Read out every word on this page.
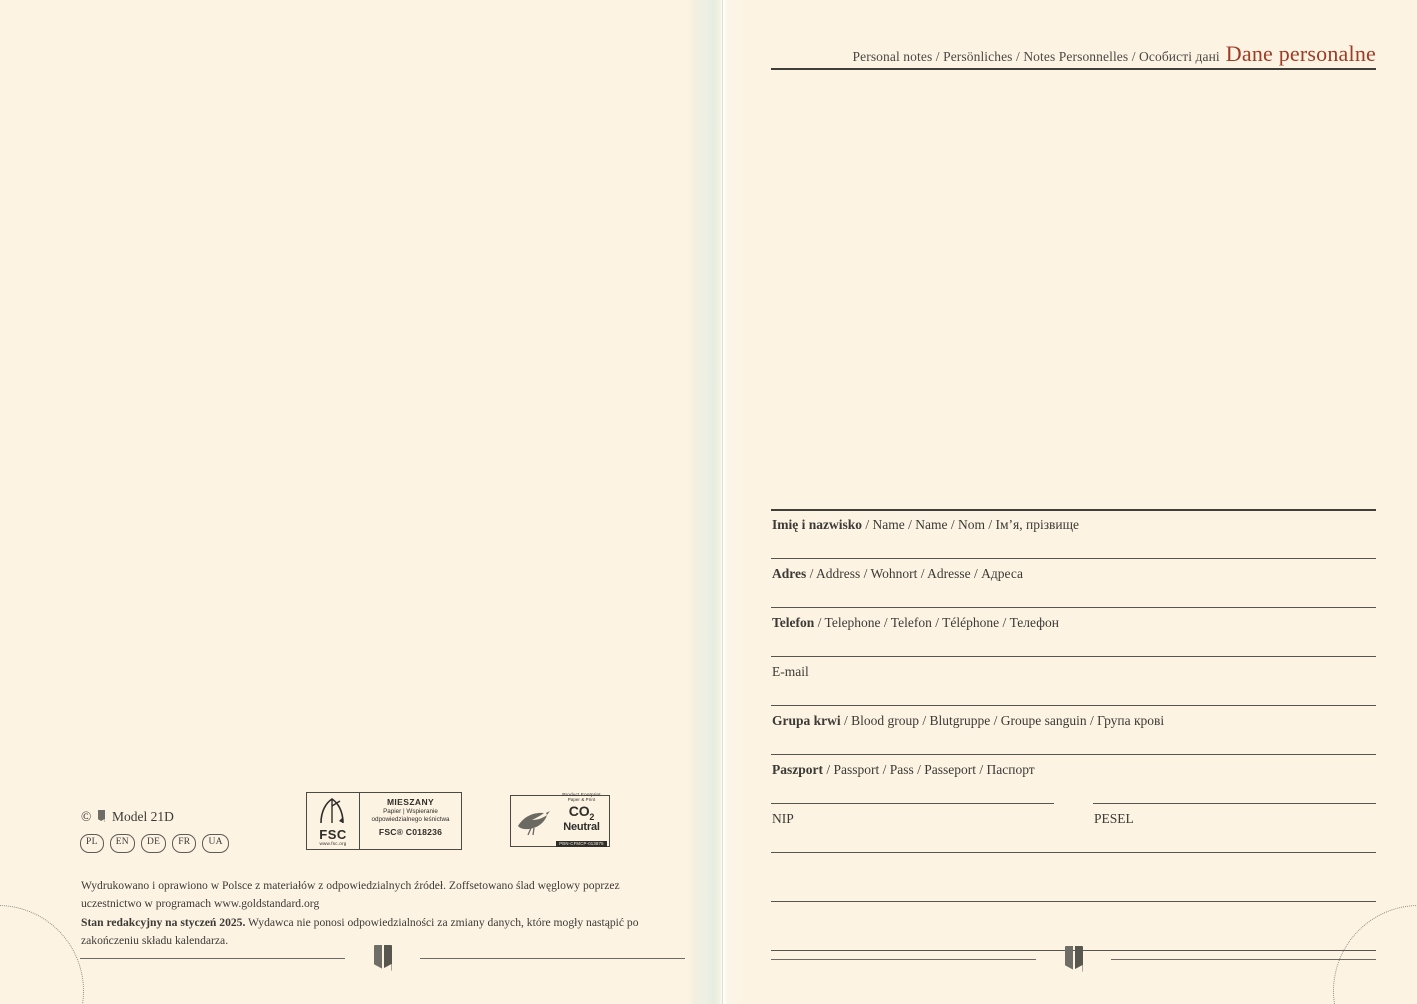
© Model 21D
PL	EN	DE	FR	UA	FSC
www.fsc.org
MIESZANY
Papier | Wspieranie odpowiedzialnego leśnictwa
FSC® C018236
Product Footprint
Paper & Print
$CO_2$
Neutral
PBN-CFMCP-013875
Wydrukowano i oprawiono w Polsce z materiałów z odpowiedzialnych źródeł. Zoffsetowano ślad węglowy poprzez uczestnictwo w programach www.goldstandard.org
Stan redakcyjny na styczeń 2025. Wydawca nie ponosi odpowiedzialności za zmiany danych, które mogły nastąpić po zakończeniu składu kalendarza.
Personal notes / Persönliches / Notes Personnelles / Особисті дані Dane personalne
Imię i nazwisko / Name / Name / Nom / Ім’я, прізвище
Adres / Address / Wohnort / Adresse / Адреса
Telefon / Telephone / Telefon / Téléphone / Телефон
E-mail
Grupa krwi / Blood group / Blutgruppe / Groupe sanguin / Група крові
Paszport / Passport / Pass / Passeport / Паспорт
NIP	PESEL
